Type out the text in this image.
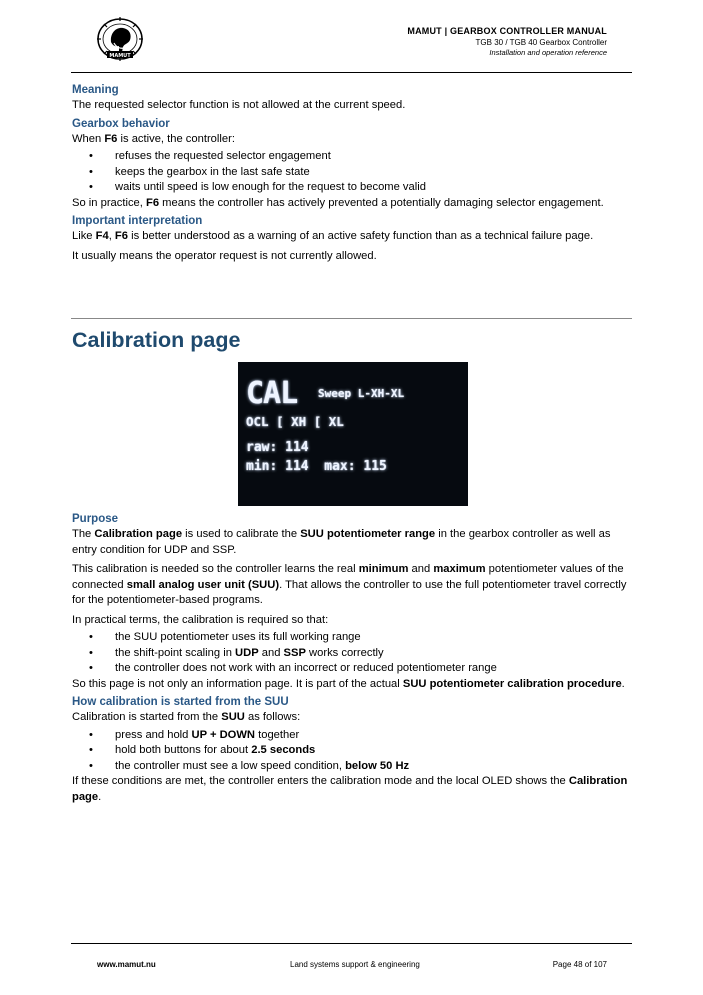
MAMUT
MAMUT | GEARBOX CONTROLLER MANUAL
TGB 30 / TGB 40 Gearbox Controller
Installation and operation reference
Meaning

The requested selector function is not allowed at the current speed.

Gearbox behavior

When F6 is active, the controller:

• refuses the requested selector engagement
• keeps the gearbox in the last safe state
• waits until speed is low enough for the request to become valid

So in practice, F6 means the controller has actively prevented a potentially damaging selector engagement.

Important interpretation

Like F4, F6 is better understood as a warning of an active safety function than as a technical failure page.

It usually means the operator request is not currently allowed.

Calibration page
CAL Sweep L-XH-XL
OCL [ XH [ XL
raw: 114
min: 114  max: 115
Purpose

The Calibration page is used to calibrate the SUU potentiometer range in the gearbox controller as well as entry condition for UDP and SSP.

This calibration is needed so the controller learns the real minimum and maximum potentiometer values of the connected small analog user unit (SUU). That allows the controller to use the full potentiometer travel correctly for the potentiometer-based programs.

In practical terms, the calibration is required so that:

• the SUU potentiometer uses its full working range
• the shift-point scaling in UDP and SSP works correctly
• the controller does not work with an incorrect or reduced potentiometer range

So this page is not only an information page. It is part of the actual SUU potentiometer calibration procedure.

How calibration is started from the SUU

Calibration is started from the SUU as follows:

• press and hold UP + DOWN together
• hold both buttons for about 2.5 seconds
• the controller must see a low speed condition, below 50 Hz

If these conditions are met, the controller enters the calibration mode and the local OLED shows the Calibration page.

www.mamut.nu	Land systems support & engineering	Page 48 of 107
